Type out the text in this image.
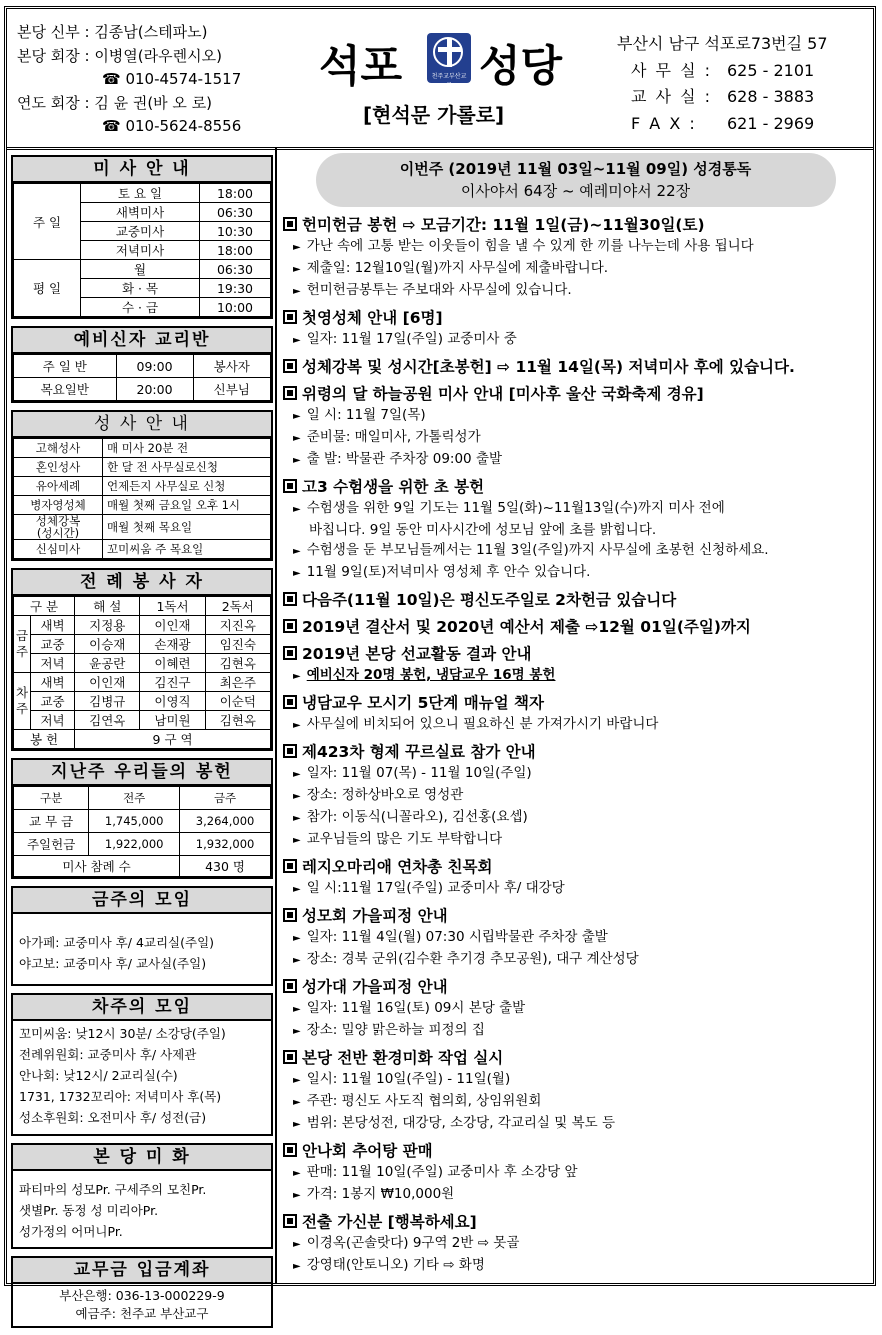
본당 신부 : 김종남(스테파노)
본당 회장 : 이병열(라우렌시오)
☎ 010-4574-1517
연도 회장 : 김 윤 권(바 오 로)
☎ 010-5624-8556
석포	천주교부산교구 성당
[현석문 가롤로]
부산시 남구 석포로73번길 57
사 무 실 : 625 - 2101
교 사 실 : 628 - 3883
F A X :	621 - 2969
미 사 안 내
주 일	토 요 일	18:00
	새벽미사	06:30
	교중미사	10:30
	저녁미사	18:00
평 일	월	06:30
	화 · 목	19:30
	수 · 금	10:00
예비신자 교리반
주 일 반	09:00	봉사자
목요일반	20:00	신부님
성 사 안 내
고해성사	매 미사 20분 전
혼인성사	한 달 전 사무실로신청
유아세례	언제든지 사무실로 신청
병자영성체	매월 첫째 금요일 오후 1시
성체강복
(성시간)	매월 첫째 목요일
신심미사	꼬미씨움 주 목요일
전 례 봉 사 자
구 분		해 설	1독서	2독서
금
주	새벽	지정용	이인재	지진옥
	교중	이승재	손재광	임진숙
	저녁	윤공란	이혜련	김현옥
차
주	새벽	이인재	김진구	최은주
	교중	김병규	이영직	이순덕
	저녁	김연옥	남미원	김현옥
봉 헌		9 구 역		
지난주 우리들의 봉헌
구분	전주	금주
교 무 금	1,745,000	3,264,000
주일헌금	1,922,000	1,932,000
미사 참례 수		430 명
금주의 모임
아가페: 교중미사 후/ 4교리실(주일)
야고보: 교중미사 후/ 교사실(주일)
차주의 모임
꼬미씨움: 낮12시 30분/ 소강당(주일)
전례위원회: 교중미사 후/ 사제관
안나회: 낮12시/ 2교리실(수)
1731, 1732꼬리아: 저녁미사 후(목)
성소후원회: 오전미사 후/ 성전(금)
본 당 미 화
파티마의 성모Pr. 구세주의 모친Pr.
샛별Pr. 동정 성 미리아Pr.
성가정의 어머니Pr.
교무금 입금계좌
부산은행: 036-13-000229-9
예금주: 천주교 부산교구
이번주 (2019년 11월 03일~11월 09일) 성경통독
이사야서 64장 ~ 예레미야서 22장
헌미헌금 봉헌 ⇨ 모금기간: 11월 1일(금)~11월30일(토)
► 가난 속에 고통 받는 이웃들이 힘을 낼 수 있게 한 끼를 나누는데 사용 됩니다
► 제출일: 12월10일(월)까지 사무실에 제출바랍니다.
► 헌미헌금봉투는 주보대와 사무실에 있습니다.
첫영성체 안내 [6명]
► 일자: 11월 17일(주일) 교중미사 중
성체강복 및 성시간[초봉헌] ⇨ 11월 14일(목) 저녁미사 후에 있습니다.
위령의 달 하늘공원 미사 안내 [미사후 울산 국화축제 경유]
► 일 시: 11월 7일(목)
► 준비물: 매일미사, 가톨릭성가
► 출 발: 박물관 주차장 09:00 출발
고3 수험생을 위한 초 봉헌
► 수험생을 위한 9일 기도는 11월 5일(화)~11월13일(수)까지 미사 전에
바칩니다. 9일 동안 미사시간에 성모님 앞에 초를 밝힙니다.
► 수험생을 둔 부모님들께서는 11월 3일(주일)까지 사무실에 초봉헌 신청하세요.
► 11월 9일(토)저녁미사 영성체 후 안수 있습니다.
다음주(11월 10일)은 평신도주일로 2차헌금 있습니다
2019년 결산서 및 2020년 예산서 제출 ⇨12월 01일(주일)까지
2019년 본당 선교활동 결과 안내
► 예비신자 20명 봉헌, 냉담교우 16명 봉헌
냉담교우 모시기 5단계 매뉴얼 책자
► 사무실에 비치되어 있으니 필요하신 분 가져가시기 바랍니다
제423차 형제 꾸르실료 참가 안내
► 일자: 11월 07(목) - 11월 10일(주일)
► 장소: 정하상바오로 영성관
► 참가: 이동식(니꼴라오), 김선홍(요셉)
► 교우님들의 많은 기도 부탁합니다
레지오마리애 연차총 친목회
► 일 시:11월 17일(주일) 교중미사 후/ 대강당
성모회 가을피정 안내
► 일자: 11월 4일(월) 07:30 시립박물관 주차장 출발
► 장소: 경북 군위(김수환 추기경 추모공원), 대구 계산성당
성가대 가을피정 안내
► 일자: 11월 16일(토) 09시 본당 출발
► 장소: 밀양 맑은하늘 피정의 집
본당 전반 환경미화 작업 실시
► 일시: 11월 10일(주일) - 11일(월)
► 주관: 평신도 사도직 협의회, 상임위원회
► 범위: 본당성전, 대강당, 소강당, 각교리실 및 복도 등
안나회 추어탕 판매
► 판매: 11월 10일(주일) 교중미사 후 소강당 앞
► 가격: 1봉지 ₩10,000원
전출 가신분 [행복하세요]
► 이경옥(곤솔랏다) 9구역 2반 ⇨ 못골
► 강영태(안토니오) 기타 ⇨ 화명
